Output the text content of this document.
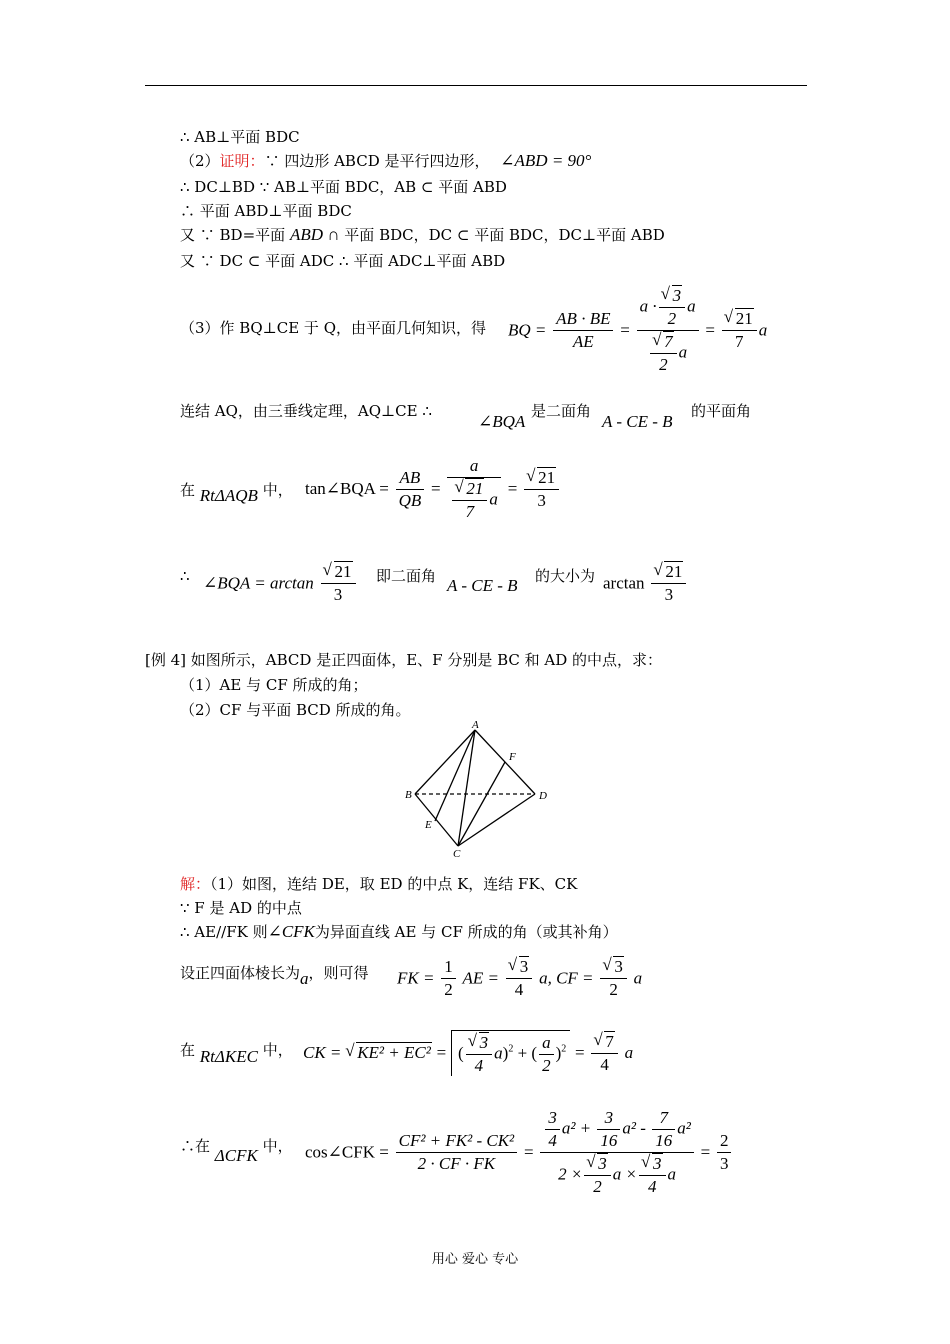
∴ AB⊥平面 BDC
（2）证明：∵ 四边形 ABCD 是平行四边形， ∠ABD = 90°
∴ DC⊥BD ∵ AB⊥平面 BDC，AB ⊂ 平面 ABD
∴ 平面 ABD⊥平面 BDC
又 ∵ BD=平面 ABD ∩ 平面 BDC，DC ⊂ 平面 BDC，DC⊥平面 ABD
又 ∵ DC ⊂ 平面 ADC ∴ 平面 ADC⊥平面 ABD
（3）作 BQ⊥CE 于 Q，由平面几何知识，得 BQ = $\frac{AB \cdot BE}{AE} = a$ ·
√ $\frac{3}{2}$ a
√ $\frac{7}{2}$ a =
√ $\frac{21}{7}$ a
连结 AQ，由三垂线定理，AQ⊥CE ∴
∠BQA
是二面角
A - CE - B
的平面角
在 RtΔAQB 中， tan∠BQA = $\frac{AB}{QB} = a$
√ $\frac{21}{7}$ a =
√ $\frac{21}{3}$
∴ ∠BQA = arctan
√ $\frac{21}{3}$ 即二面角 A - CE - B 的大小为 arctan
√ $\frac{21}{3}$
[例 4] 如图所示，ABCD 是正四面体，E、F 分别是 BC 和 AD 的中点，求：
（1）AE 与 CF 所成的角；
（2）CF 与平面 BCD 所成的角。
A
B
C
D
E
F
解：（1）如图，连结 DE，取 ED 的中点 K，连结 FK、CK
∵ F 是 AD 的中点
∴ AE//FK 则∠CFK为异面直线 AE 与 CF 所成的角（或其补角）
设正四面体棱长为a，则可得 FK = $\frac{1}{2}$ AE =
√ $\frac{3}{4} a$, CF =
√ $\frac{3}{2}$ a
在 RtΔKEC 中， CK = √ KE² + EC² = (
√ $\frac{3}{4} a)^2$ + ( $\frac{a}{2} )^2$ =
√ $\frac{7}{4}$ a
∴在 ΔCFK 中， cos∠CFK = $\frac{\text{CF² + FK² - CK²}}{2 \cdot CF \cdot FK} = \frac{3}{4} a^2 + \frac{3}{16} a^2 - \frac{7}{16} a^2$
2 ×
√ $\frac{3}{2}$ a ×
√ $\frac{3}{4}$ $a = \frac{2}{3}$
用心 爱心 专心
